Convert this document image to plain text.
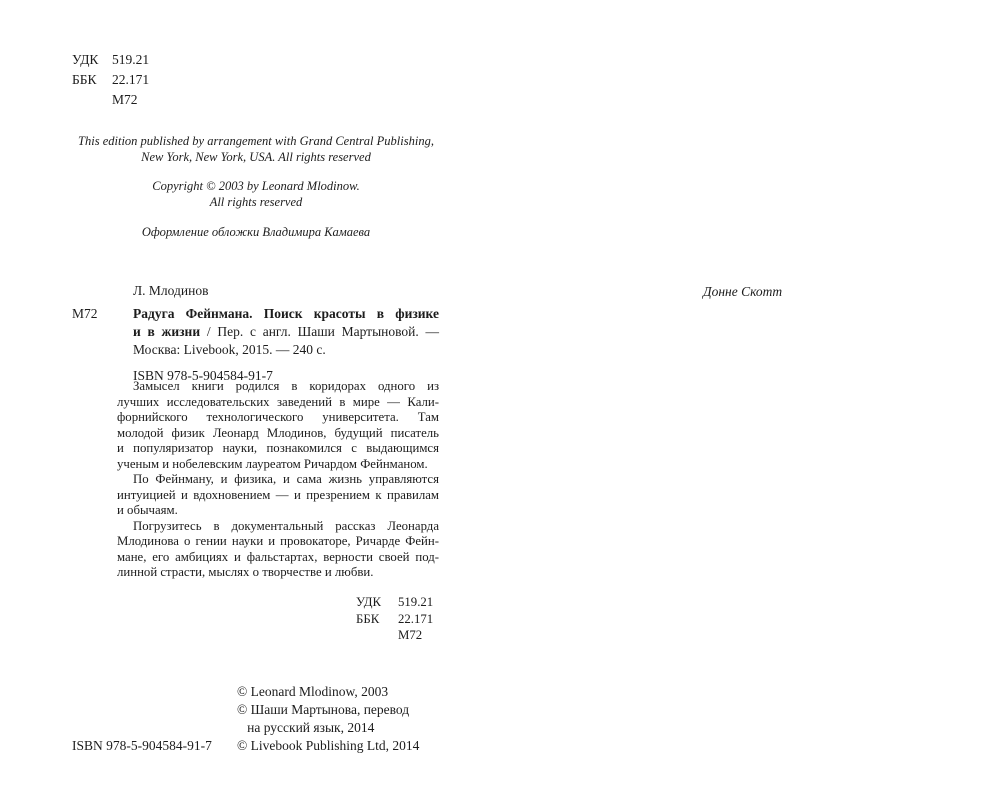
УДК 519.21
ББК 22.171
М72
This edition published by arrangement with Grand Central Publishing,
New York, New York, USA. All rights reserved
Copyright © 2003 by Leonard Mlodinow.
All rights reserved
Оформление обложки Владимира Камаева
Л. Млодинов
М72	Радуга Фейнмана. Поиск красоты в физике
и в жизни / Пер. с англ. Шаши Мартыновой. —
Москва: Livebook, 2015. — 240 с.
ISBN 978-5-904584-91-7
Замысел книги родился в коридорах одного из
лучших исследовательских заведений в мире — Кали-
форнийского технологического университета. Там
молодой физик Леонард Млодинов, будущий писатель
и популяризатор науки, познакомился с выдающимся
ученым и нобелевским лауреатом Ричардом Фейнманом.
По Фейнману, и физика, и сама жизнь управляются
интуицией и вдохновением — и презрением к правилам
и обычаям.
Погрузитесь в документальный рассказ Леонарда
Млодинова о гении науки и провокаторе, Ричарде Фейн-
мане, его амбициях и фальстартах, верности своей под-
линной страсти, мыслях о творчестве и любви.
УДК 519.21
ББК 22.171
М72
© Leonard Mlodinow, 2003
© Шаши Мартынова, перевод
на русский язык, 2014
© Livebook Publishing Ltd, 2014
ISBN 978-5-904584-91-7
Донне Скотт
